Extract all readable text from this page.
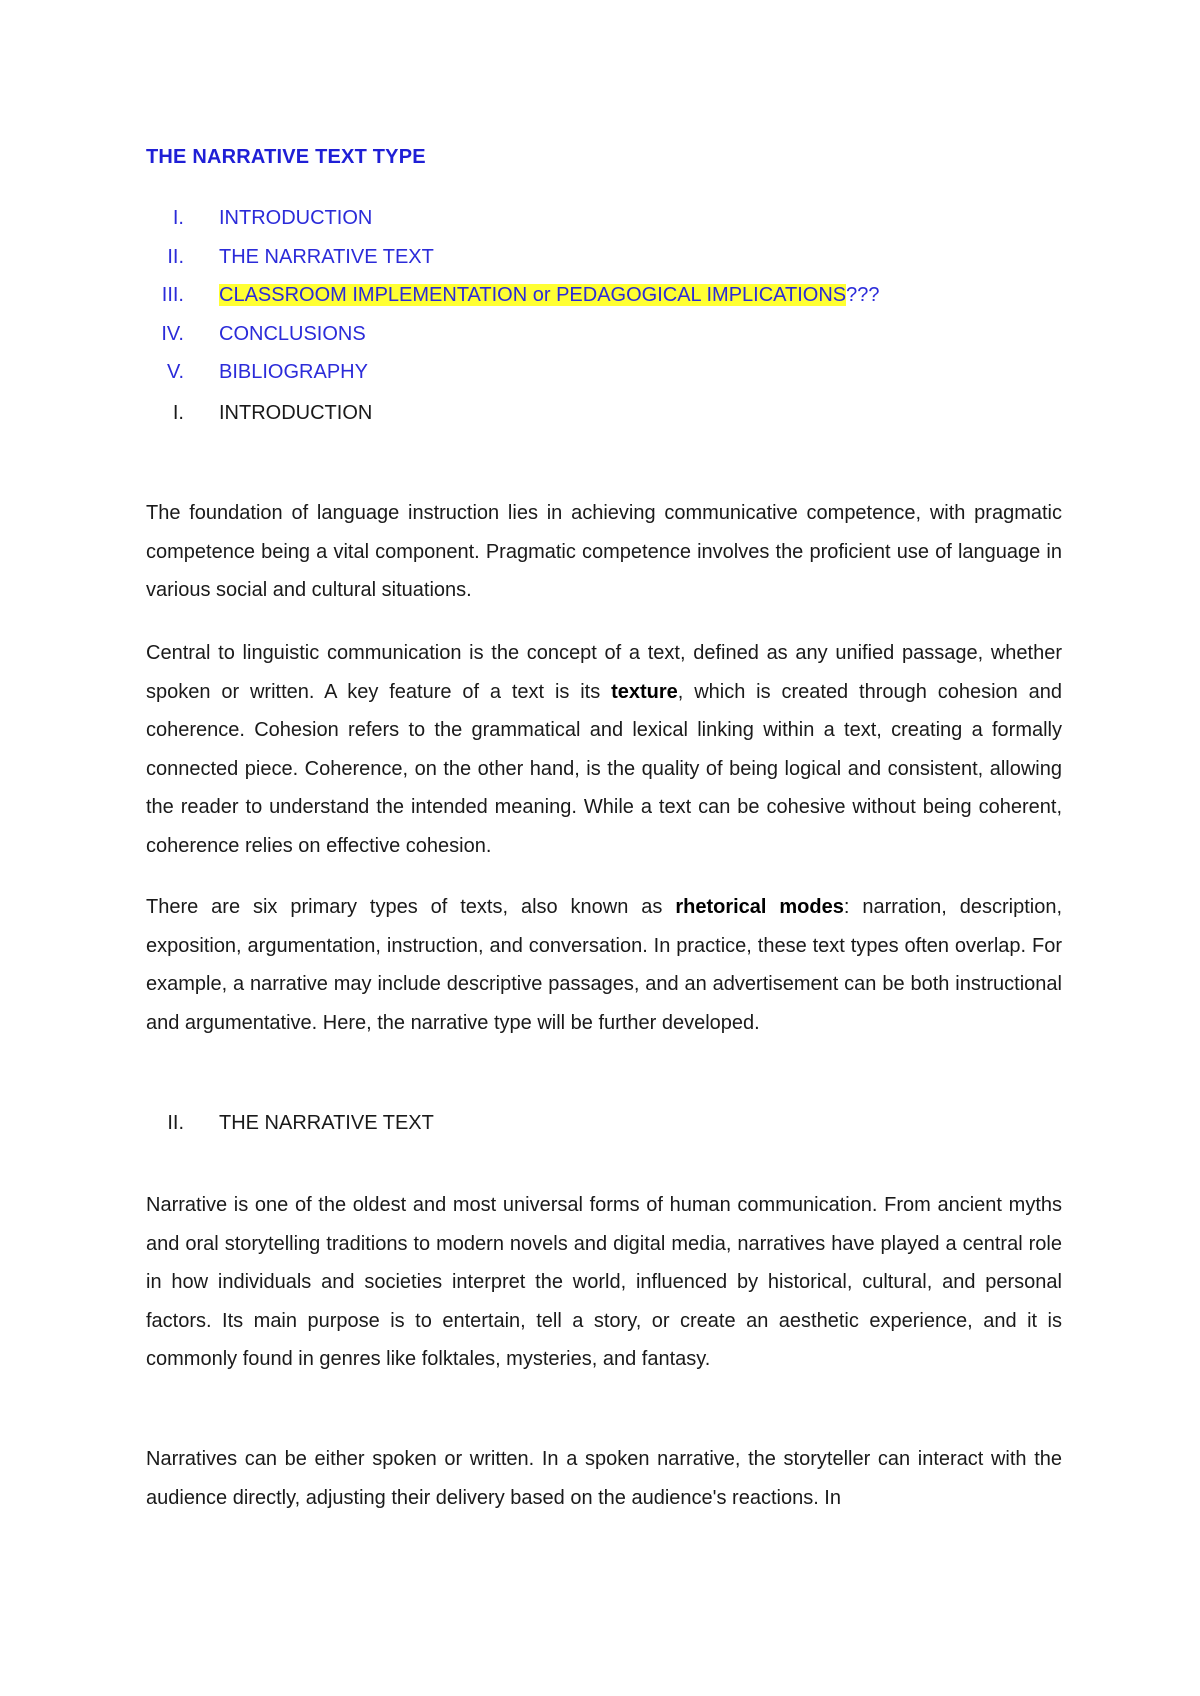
THE NARRATIVE TEXT TYPE
I. INTRODUCTION
II. THE NARRATIVE TEXT
III. CLASSROOM IMPLEMENTATION or PEDAGOGICAL IMPLICATIONS???
IV. CONCLUSIONS
V. BIBLIOGRAPHY
I. INTRODUCTION

The foundation of language instruction lies in achieving communicative competence, with pragmatic competence being a vital component. Pragmatic competence involves the proficient use of language in various social and cultural situations.

Central to linguistic communication is the concept of a text, defined as any unified passage, whether spoken or written. A key feature of a text is its texture, which is created through cohesion and coherence. Cohesion refers to the grammatical and lexical linking within a text, creating a formally connected piece. Coherence, on the other hand, is the quality of being logical and consistent, allowing the reader to understand the intended meaning. While a text can be cohesive without being coherent, coherence relies on effective cohesion.

There are six primary types of texts, also known as rhetorical modes: narration, description, exposition, argumentation, instruction, and conversation. In practice, these text types often overlap. For example, a narrative may include descriptive passages, and an advertisement can be both instructional and argumentative. Here, the narrative type will be further developed.

II. THE NARRATIVE TEXT

Narrative is one of the oldest and most universal forms of human communication. From ancient myths and oral storytelling traditions to modern novels and digital media, narratives have played a central role in how individuals and societies interpret the world, influenced by historical, cultural, and personal factors. Its main purpose is to entertain, tell a story, or create an aesthetic experience, and it is commonly found in genres like folktales, mysteries, and fantasy.

Narratives can be either spoken or written. In a spoken narrative, the storyteller can interact with the audience directly, adjusting their delivery based on the audience's reactions. In
